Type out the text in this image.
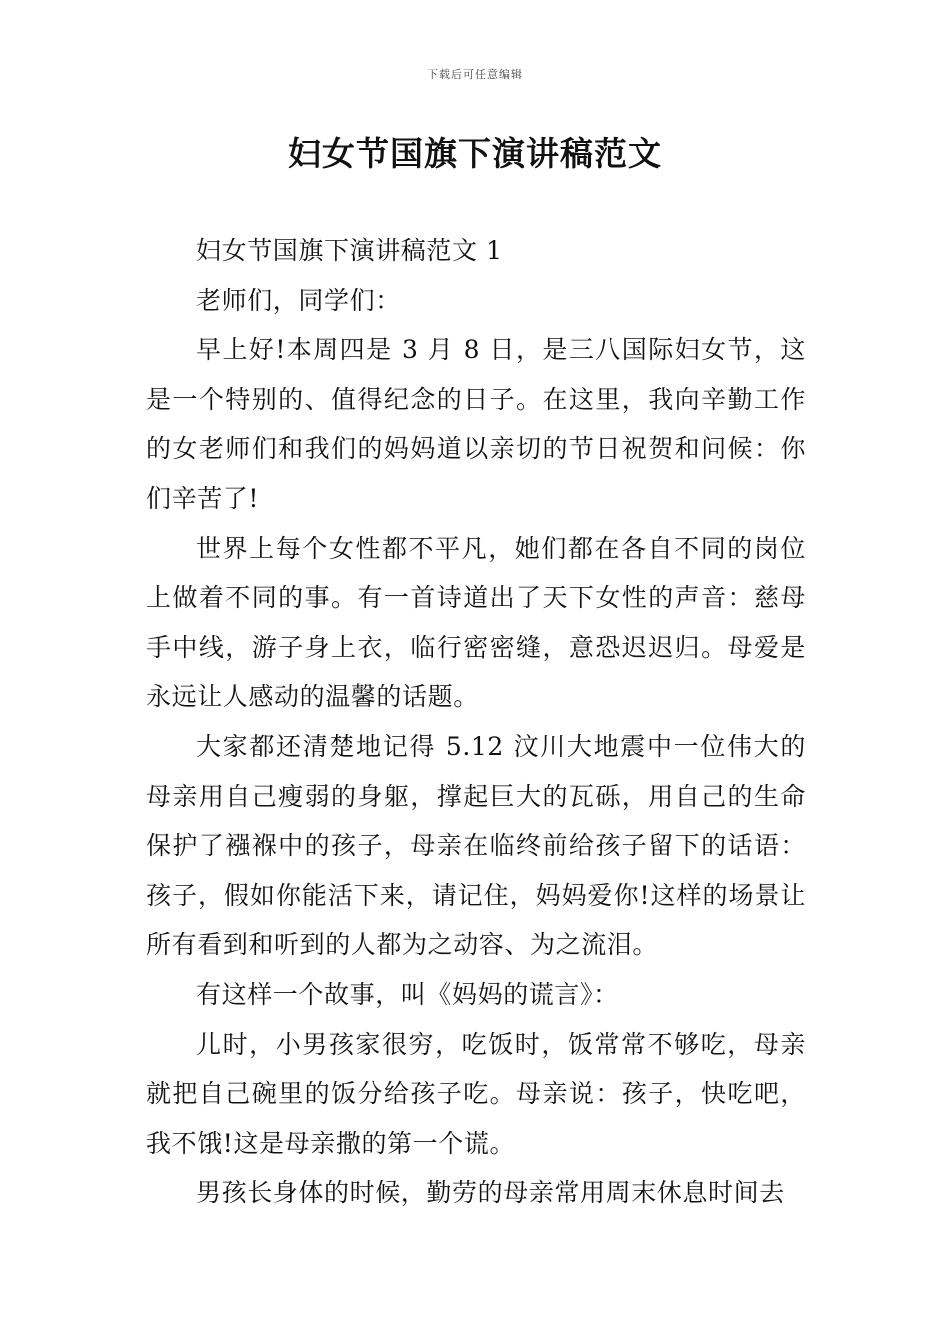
下载后可任意编辑
妇女节国旗下演讲稿范文

妇女节国旗下演讲稿范文 1

老师们，同学们：

早上好!本周四是 3 月 8 日，是三八国际妇女节，这是一个特别的、值得纪念的日子。在这里，我向辛勤工作的女老师们和我们的妈妈道以亲切的节日祝贺和问候：你们辛苦了!

世界上每个女性都不平凡，她们都在各自不同的岗位上做着不同的事。有一首诗道出了天下女性的声音：慈母手中线，游子身上衣，临行密密缝，意恐迟迟归。母爱是永远让人感动的温馨的话题。

大家都还清楚地记得 5.12 汶川大地震中一位伟大的母亲用自己瘦弱的身躯，撑起巨大的瓦砾，用自己的生命保护了襁褓中的孩子，母亲在临终前给孩子留下的话语：孩子，假如你能活下来，请记住，妈妈爱你!这样的场景让所有看到和听到的人都为之动容、为之流泪。

有这样一个故事，叫《妈妈的谎言》：

儿时，小男孩家很穷，吃饭时，饭常常不够吃，母亲就把自己碗里的饭分给孩子吃。母亲说：孩子，快吃吧，我不饿!这是母亲撒的第一个谎。

男孩长身体的时候，勤劳的母亲常用周末休息时间去
